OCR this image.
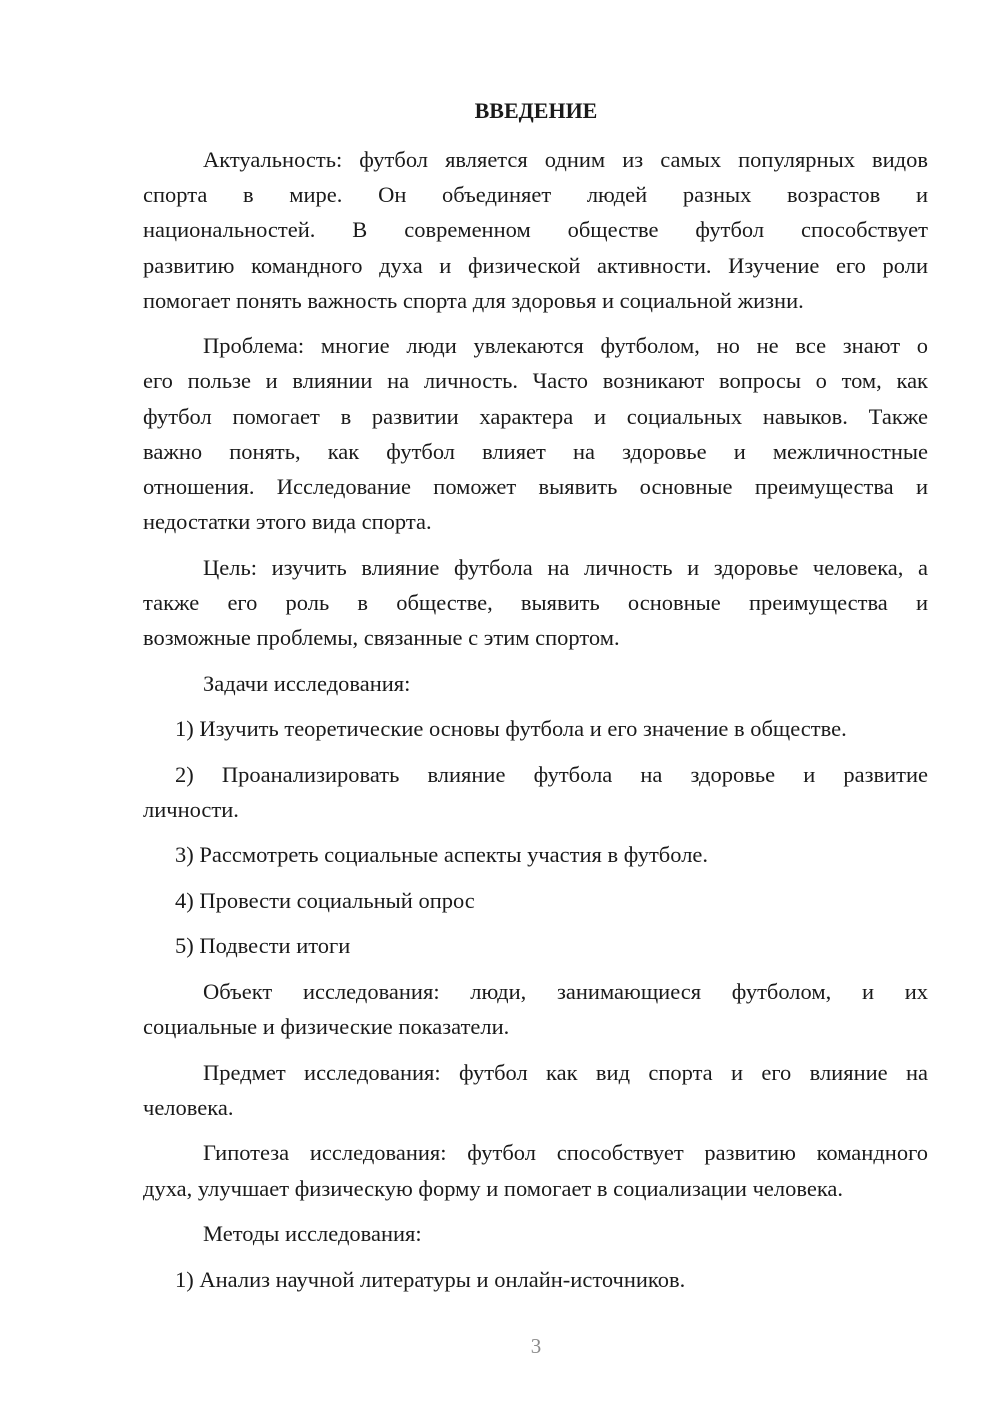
ВВЕДЕНИЕ
Актуальность: футбол является одним из самых популярных видов
спорта в мире. Он объединяет людей разных возрастов и
национальностей. В современном обществе футбол способствует
развитию командного духа и физической активности. Изучение его роли
помогает понять важность спорта для здоровья и социальной жизни.
Проблема: многие люди увлекаются футболом, но не все знают о
его пользе и влиянии на личность. Часто возникают вопросы о том, как
футбол помогает в развитии характера и социальных навыков. Также
важно понять, как футбол влияет на здоровье и межличностные
отношения. Исследование поможет выявить основные преимущества и
недостатки этого вида спорта.
Цель: изучить влияние футбола на личность и здоровье человека, а
также его роль в обществе, выявить основные преимущества и
возможные проблемы, связанные с этим спортом.
Задачи исследования:
1) Изучить теоретические основы футбола и его значение в обществе.
2) Проанализировать влияние футбола на здоровье и развитие
личности.
3) Рассмотреть социальные аспекты участия в футболе.
4) Провести социальный опрос
5) Подвести итоги
Объект исследования: люди, занимающиеся футболом, и их
социальные и физические показатели.
Предмет исследования: футбол как вид спорта и его влияние на
человека.
Гипотеза исследования: футбол способствует развитию командного
духа, улучшает физическую форму и помогает в социализации человека.
Методы исследования:
1) Анализ научной литературы и онлайн-источников.
3
